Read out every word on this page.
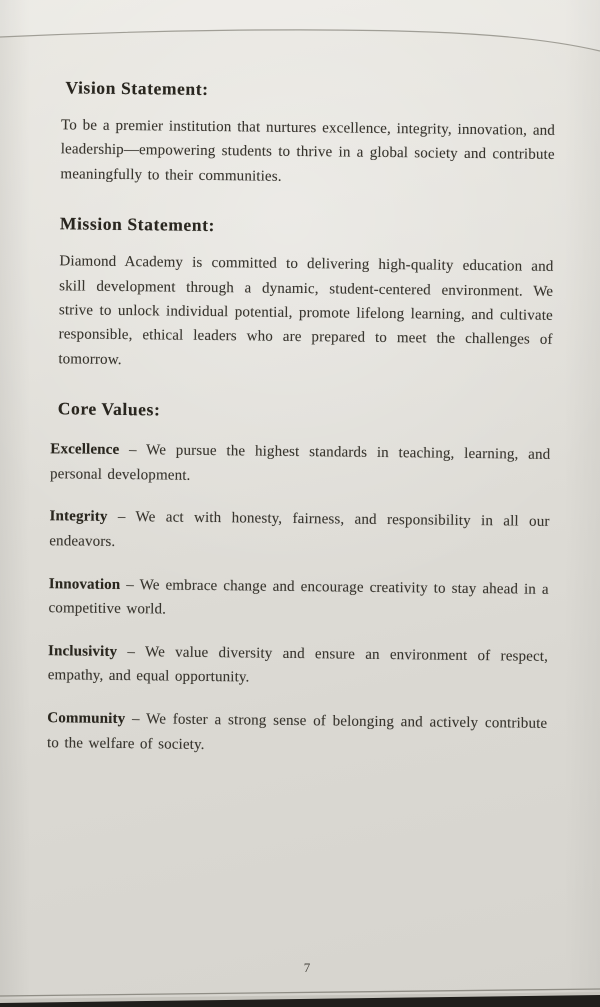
Vision Statement:

To be a premier institution that nurtures excellence, integrity, innovation, and leadership—empowering students to thrive in a global society and contribute meaningfully to their communities.

Mission Statement:

Diamond Academy is committed to delivering high-quality education and skill development through a dynamic, student-centered environment. We strive to unlock individual potential, promote lifelong learning, and cultivate responsible, ethical leaders who are prepared to meet the challenges of tomorrow.

Core Values:

Excellence – We pursue the highest standards in teaching, learning, and personal development.

Integrity – We act with honesty, fairness, and responsibility in all our endeavors.

Innovation – We embrace change and encourage creativity to stay ahead in a competitive world.

Inclusivity – We value diversity and ensure an environment of respect, empathy, and equal opportunity.

Community – We foster a strong sense of belonging and actively contribute to the welfare of society.

7
